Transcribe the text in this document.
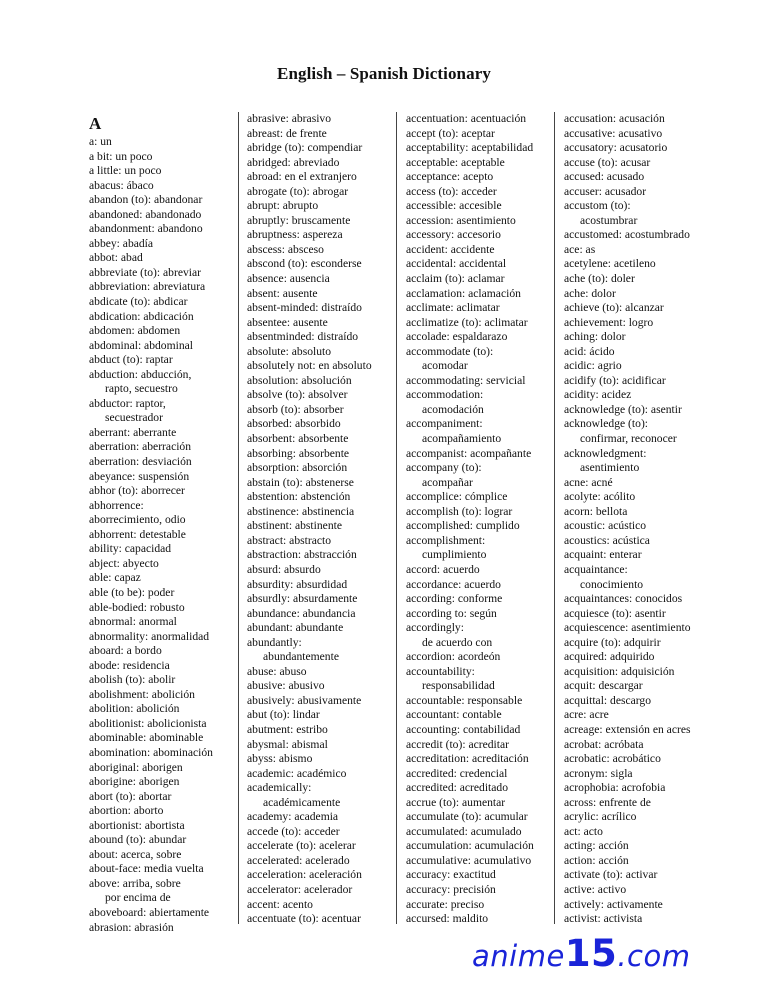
English – Spanish Dictionary
A
a: un
a bit: un poco
a little: un poco
abacus: ábaco
abandon (to): abandonar
abandoned: abandonado
abandonment: abandono
abbey: abadía
abbot: abad
abbreviate (to): abreviar
abbreviation: abreviatura
abdicate (to): abdicar
abdication: abdicación
abdomen: abdomen
abdominal: abdominal
abduct (to): raptar
abduction: abducción,
rapto, secuestro
abductor: raptor,
secuestrador
aberrant: aberrante
aberration: aberración
aberration: desviación
abeyance: suspensión
abhor (to): aborrecer
abhorrence:
aborrecimiento, odio
abhorrent: detestable
ability: capacidad
abject: abyecto
able: capaz
able (to be): poder
able-bodied: robusto
abnormal: anormal
abnormality: anormalidad
aboard: a bordo
abode: residencia
abolish (to): abolir
abolishment: abolición
abolition: abolición
abolitionist: abolicionista
abominable: abominable
abomination: abominación
aboriginal: aborigen
aborigine: aborigen
abort (to): abortar
abortion: aborto
abortionist: abortista
abound (to): abundar
about: acerca, sobre
about-face: media vuelta
above: arriba, sobre
por encima de
aboveboard: abiertamente
abrasion: abrasión
abrasive: abrasivo
abreast: de frente
abridge (to): compendiar
abridged: abreviado
abroad: en el extranjero
abrogate (to): abrogar
abrupt: abrupto
abruptly: bruscamente
abruptness: aspereza
abscess: absceso
abscond (to): esconderse
absence: ausencia
absent: ausente
absent-minded: distraído
absentee: ausente
absentminded: distraído
absolute: absoluto
absolutely not: en absoluto
absolution: absolución
absolve (to): absolver
absorb (to): absorber
absorbed: absorbido
absorbent: absorbente
absorbing: absorbente
absorption: absorción
abstain (to): abstenerse
abstention: abstención
abstinence: abstinencia
abstinent: abstinente
abstract: abstracto
abstraction: abstracción
absurd: absurdo
absurdity: absurdidad
absurdly: absurdamente
abundance: abundancia
abundant: abundante
abundantly:
abundantemente
abuse: abuso
abusive: abusivo
abusively: abusivamente
abut (to): lindar
abutment: estribo
abysmal: abismal
abyss: abismo
academic: académico
academically:
académicamente
academy: academia
accede (to): acceder
accelerate (to): acelerar
accelerated: acelerado
acceleration: aceleración
accelerator: acelerador
accent: acento
accentuate (to): acentuar
accentuation: acentuación
accept (to): aceptar
acceptability: aceptabilidad
acceptable: aceptable
acceptance: acepto
access (to): acceder
accessible: accesible
accession: asentimiento
accessory: accesorio
accident: accidente
accidental: accidental
acclaim (to): aclamar
acclamation: aclamación
acclimate: aclimatar
acclimatize (to): aclimatar
accolade: espaldarazo
accommodate (to):
acomodar
accommodating: servicial
accommodation:
acomodación
accompaniment:
acompañamiento
accompanist: acompañante
accompany (to):
acompañar
accomplice: cómplice
accomplish (to): lograr
accomplished: cumplido
accomplishment:
cumplimiento
accord: acuerdo
accordance: acuerdo
according: conforme
according to: según
accordingly:
de acuerdo con
accordion: acordeón
accountability:
responsabilidad
accountable: responsable
accountant: contable
accounting: contabilidad
accredit (to): acreditar
accreditation: acreditación
accredited: credencial
accredited: acreditado
accrue (to): aumentar
accumulate (to): acumular
accumulated: acumulado
accumulation: acumulación
accumulative: acumulativo
accuracy: exactitud
accuracy: precisión
accurate: preciso
accursed: maldito
accusation: acusación
accusative: acusativo
accusatory: acusatorio
accuse (to): acusar
accused: acusado
accuser: acusador
accustom (to):
acostumbrar
accustomed: acostumbrado
ace: as
acetylene: acetileno
ache (to): doler
ache: dolor
achieve (to): alcanzar
achievement: logro
aching: dolor
acid: ácido
acidic: agrio
acidify (to): acidificar
acidity: acidez
acknowledge (to): asentir
acknowledge (to):
confirmar, reconocer
acknowledgment:
asentimiento
acne: acné
acolyte: acólito
acorn: bellota
acoustic: acústico
acoustics: acústica
acquaint: enterar
acquaintance:
conocimiento
acquaintances: conocidos
acquiesce (to): asentir
acquiescence: asentimiento
acquire (to): adquirir
acquired: adquirido
acquisition: adquisición
acquit: descargar
acquittal: descargo
acre: acre
acreage: extensión en acres
acrobat: acróbata
acrobatic: acrobático
acronym: sigla
acrophobia: acrofobia
across: enfrente de
acrylic: acrílico
act: acto
acting: acción
action: acción
activate (to): activar
active: activo
actively: activamente
activist: activista
anime15.com
